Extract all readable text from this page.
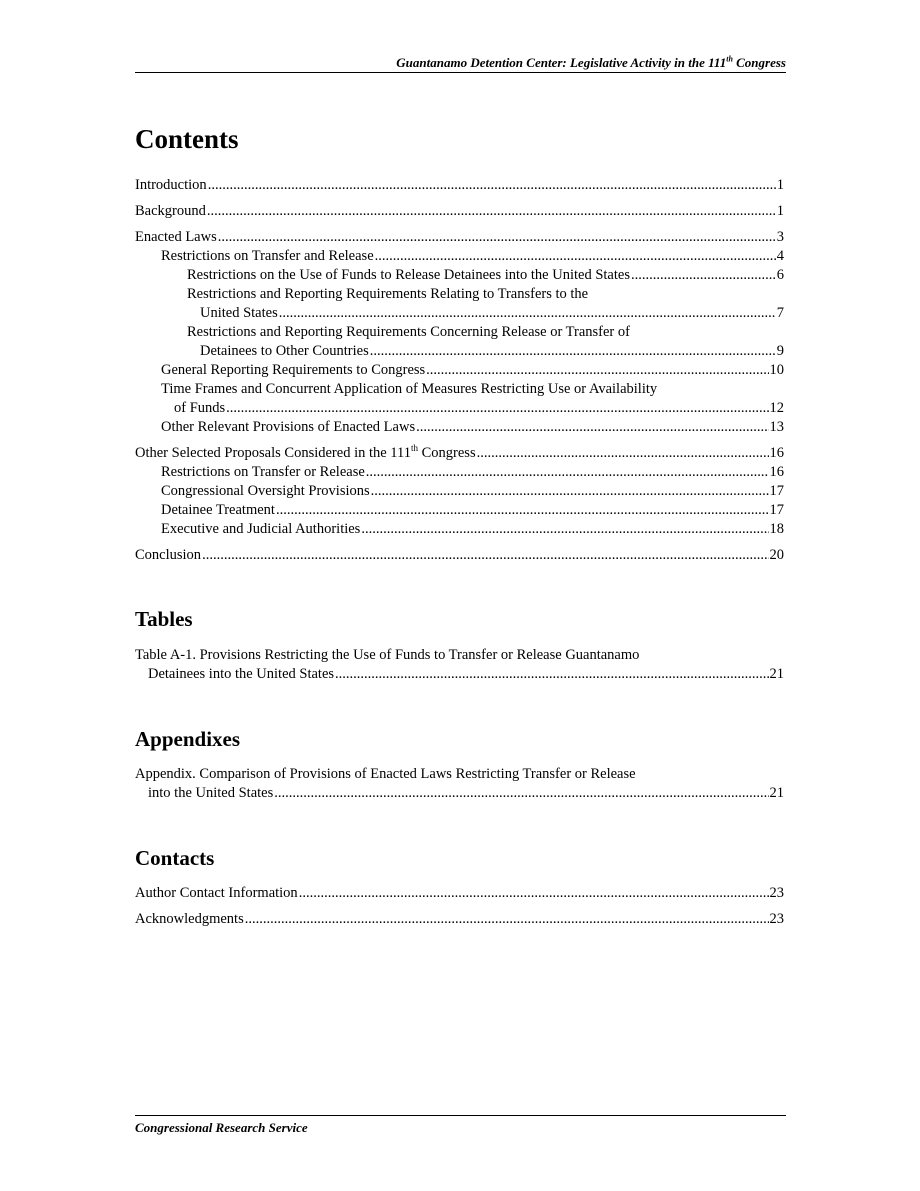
Guantanamo Detention Center: Legislative Activity in the 111th Congress
Contents
Introduction .....	1
Background .....	1
Enacted Laws .....	3
Restrictions on Transfer and Release .....	4
Restrictions on the Use of Funds to Release Detainees into the United States .....	6
Restrictions and Reporting Requirements Relating to Transfers to the
United States .....	7
Restrictions and Reporting Requirements Concerning Release or Transfer of
Detainees to Other Countries .....	9
General Reporting Requirements to Congress .....	10
Time Frames and Concurrent Application of Measures Restricting Use or Availability
of Funds .....	12
Other Relevant Provisions of Enacted Laws .....	13
Other Selected Proposals Considered in the 111th Congress .....	16
Restrictions on Transfer or Release .....	16
Congressional Oversight Provisions .....	17
Detainee Treatment .....	17
Executive and Judicial Authorities .....	18
Conclusion .....	20
Tables
Table A-1. Provisions Restricting the Use of Funds to Transfer or Release Guantanamo
Detainees into the United States .....	21
Appendixes
Appendix. Comparison of Provisions of Enacted Laws Restricting Transfer or Release
into the United States .....	21
Contacts
Author Contact Information .....	23
Acknowledgments .....	23
Congressional Research Service
